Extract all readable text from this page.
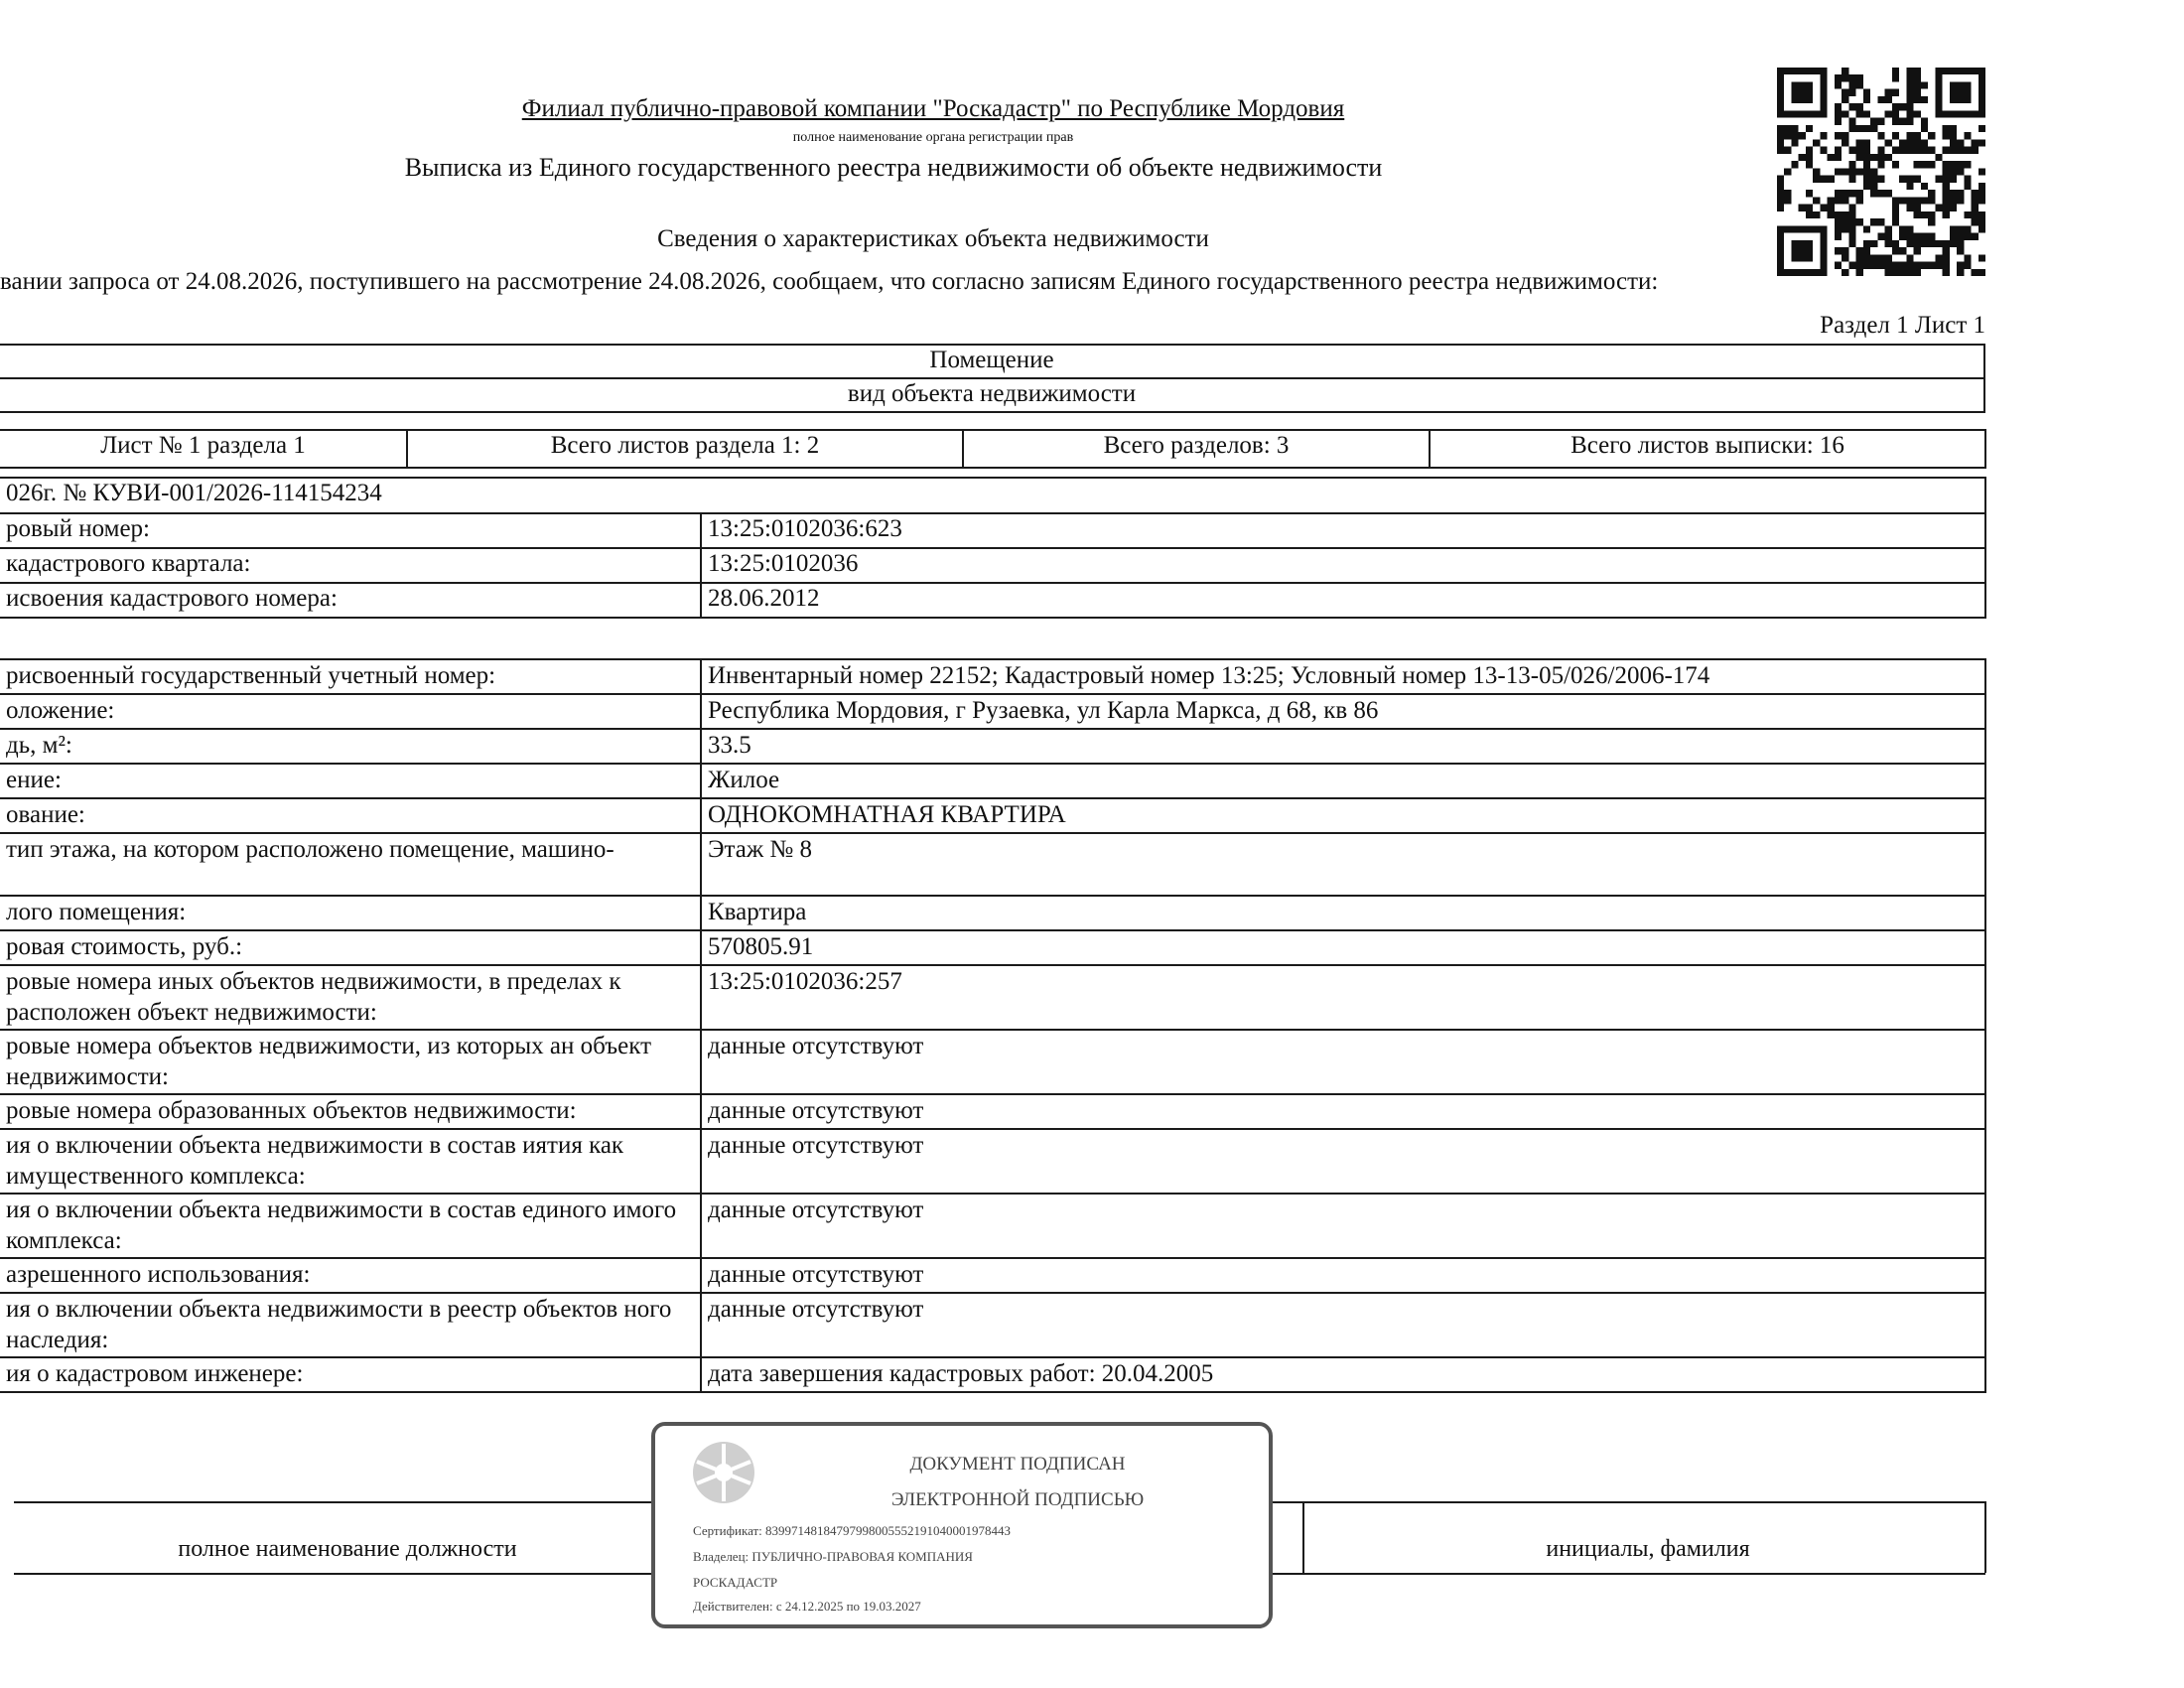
Филиал публично-правовой компании "Роскадастр" по Республике Мордовия
полное наименование органа регистрации прав
Выписка из Единого государственного реестра недвижимости об объекте недвижимости
Сведения о характеристиках объекта недвижимости
вании запроса от 24.08.2026, поступившего на рассмотрение 24.08.2026, сообщаем, что согласно записям Единого государственного реестра недвижимости:
Раздел 1 Лист 1
Помещение
вид объекта недвижимости
Лист № 1 раздела 1	Всего листов раздела 1: 2	Всего разделов: 3	Всего листов выписки: 16
026г. № КУВИ-001/2026-114154234	
ровый номер:	13:25:0102036:623
кадастрового квартала:	13:25:0102036
исвоения кадастрового номера:	28.06.2012
рисвоенный государственный учетный номер:	Инвентарный номер 22152; Кадастровый номер 13:25; Условный номер 13-13-05/026/2006-174
оложение:	Республика Мордовия, г Рузаевка, ул Карла Маркса, д 68, кв 86
дь, м²:	33.5
ение:	Жилое
ование:	ОДНОКОМНАТНАЯ КВАРТИРА
тип этажа, на котором расположено помещение, машино-	Этаж № 8
лого помещения:	Квартира
ровая стоимость, руб.:	570805.91
ровые номера иных объектов недвижимости, в пределах к расположен объект недвижимости:	13:25:0102036:257
ровые номера объектов недвижимости, из которых ан объект недвижимости:	данные отсутствуют
ровые номера образованных объектов недвижимости:	данные отсутствуют
ия о включении объекта недвижимости в состав иятия как имущественного комплекса:	данные отсутствуют
ия о включении объекта недвижимости в состав единого имого комплекса:	данные отсутствуют
азрешенного использования:	данные отсутствуют
ия о включении объекта недвижимости в реестр объектов ного наследия:	данные отсутствуют
ия о кадастровом инженере:	дата завершения кадастровых работ: 20.04.2005
полное наименование должности	инициалы, фамилия
ДОКУМЕНТ ПОДПИСАН
ЭЛЕКТРОННОЙ ПОДПИСЬЮ
Сертификат: 8399714818479799800555219104000197844З
Владелец: ПУБЛИЧНО-ПРАВОВАЯ КОМПАНИЯ
РОСКАДАСТР
Действителен: с 24.12.2025 по 19.03.2027
